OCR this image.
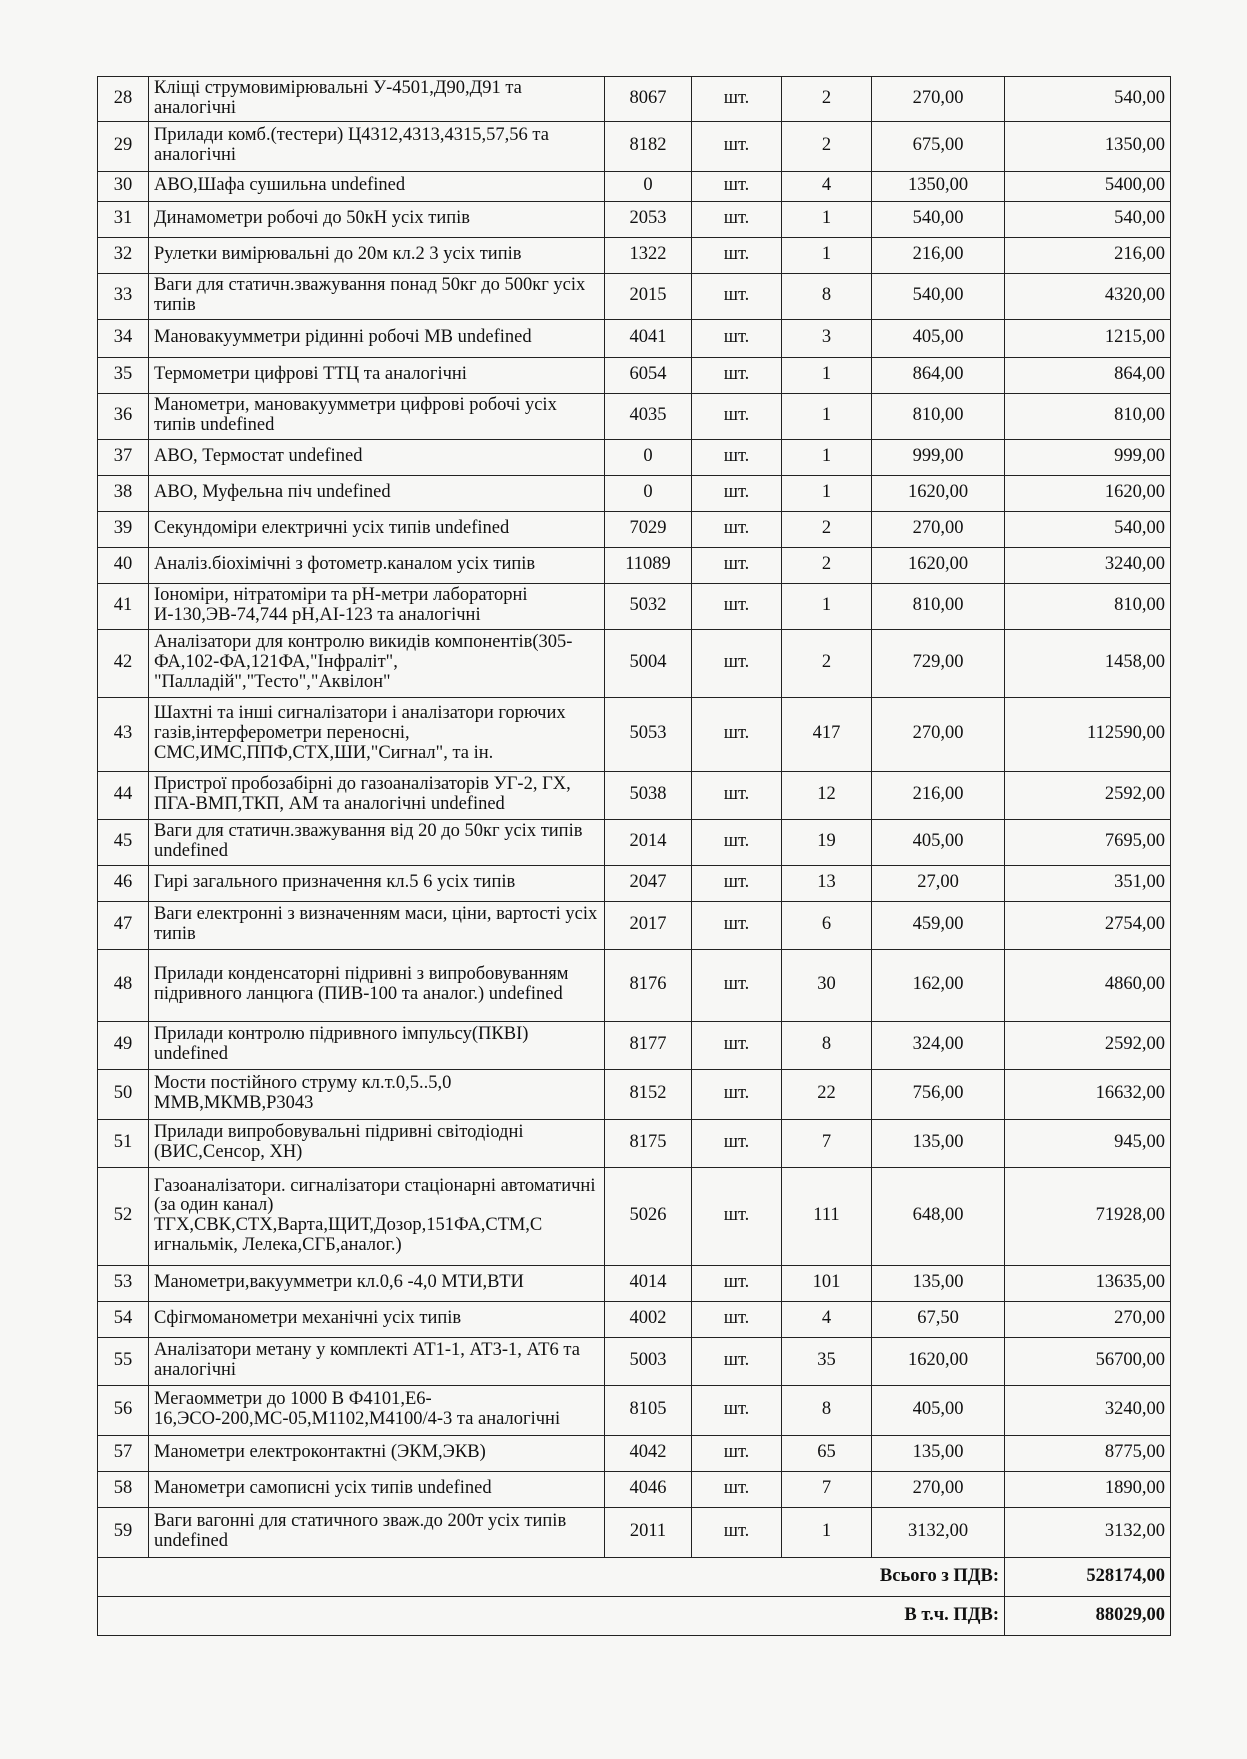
28	Кліщі струмовимірювальні У-4501,Д90,Д91 та аналогічні	8067	шт.	2	270,00	540,00
29	Прилади комб.(тестери) Ц4312,4313,4315,57,56 та аналогічні	8182	шт.	2	675,00	1350,00
30	АВО,Шафа сушильна undefined	0	шт.	4	1350,00	5400,00
31	Динамометри робочі до 50кН усіх типів	2053	шт.	1	540,00	540,00
32	Рулетки вимірювальні до 20м кл.2 3 усіх типів	1322	шт.	1	216,00	216,00
33	Ваги для статичн.зважування понад 50кг до 500кг усіх типів	2015	шт.	8	540,00	4320,00
34	Мановакуумметри рідинні робочі МВ undefined	4041	шт.	3	405,00	1215,00
35	Термометри цифрові ТТЦ та аналогічні	6054	шт.	1	864,00	864,00
36	Манометри, мановакуумметри цифрові робочі усіх типів undefined	4035	шт.	1	810,00	810,00
37	АВО, Термостат undefined	0	шт.	1	999,00	999,00
38	АВО, Муфельна піч undefined	0	шт.	1	1620,00	1620,00
39	Секундоміри електричні усіх типів undefined	7029	шт.	2	270,00	540,00
40	Аналіз.біохімічні з фотометр.каналом усіх типів	11089	шт.	2	1620,00	3240,00
41	Іономіри, нітратоміри та рН-метри лабораторні И-130,ЭВ-74,744 рН,АІ-123 та аналогічні	5032	шт.	1	810,00	810,00
42	Аналізатори для контролю викидів компонентів(305-ФА,102-ФА,121ФА,"Інфраліт", "Палладій","Тесто","Аквілон"	5004	шт.	2	729,00	1458,00
43	Шахтні та інші сигналізатори і аналізатори горючих газів,інтерферометри переносні, СМС,ИМС,ППФ,СТХ,ШИ,"Сигнал", та ін.	5053	шт.	417	270,00	112590,00
44	Пристрої пробозабірні до газоаналізаторів УГ-2, ГХ, ПГА-ВМП,ТКП, АМ та аналогічні undefined	5038	шт.	12	216,00	2592,00
45	Ваги для статичн.зважування від 20 до 50кг усіх типів undefined	2014	шт.	19	405,00	7695,00
46	Гирі загального призначення кл.5 6 усіх типів	2047	шт.	13	27,00	351,00
47	Ваги електронні з визначенням маси, ціни, вартості усіх типів	2017	шт.	6	459,00	2754,00
48	Прилади конденсаторні підривні з випробовуванням підривного ланцюга (ПИВ-100 та аналог.) undefined	8176	шт.	30	162,00	4860,00
49	Прилади контролю підривного імпульсу(ПКВІ) undefined	8177	шт.	8	324,00	2592,00
50	Мости постійного струму кл.т.0,5..5,0 ММВ,МКМВ,Р3043	8152	шт.	22	756,00	16632,00
51	Прилади випробовувальні підривні світодіодні (ВИС,Сенсор, ХН)	8175	шт.	7	135,00	945,00
52	Газоаналізатори. сигналізатори стаціонарні автоматичні (за один канал) ТГХ,СВК,СТХ,Варта,ЩИТ,Дозор,151ФА,СТМ,С игнальмік, Лелека,СГБ,аналог.)	5026	шт.	111	648,00	71928,00
53	Манометри,вакуумметри кл.0,6 -4,0 МТИ,ВТИ	4014	шт.	101	135,00	13635,00
54	Сфігмоманометри механічні усіх типів	4002	шт.	4	67,50	270,00
55	Аналізатори метану у комплекті АТ1-1, АТ3-1, АТ6 та аналогічні	5003	шт.	35	1620,00	56700,00
56	Мегаомметри до 1000 В Ф4101,Е6-16,ЭСО-200,МС-05,М1102,М4100/4-3 та аналогічні	8105	шт.	8	405,00	3240,00
57	Манометри електроконтактні (ЭКМ,ЭКВ)	4042	шт.	65	135,00	8775,00
58	Манометри самописні усіх типів undefined	4046	шт.	7	270,00	1890,00
59	Ваги вагонні для статичного зваж.до 200т усіх типів undefined	2011	шт.	1	3132,00	3132,00
Всього з ПДВ:						528174,00
В т.ч. ПДВ:						88029,00
